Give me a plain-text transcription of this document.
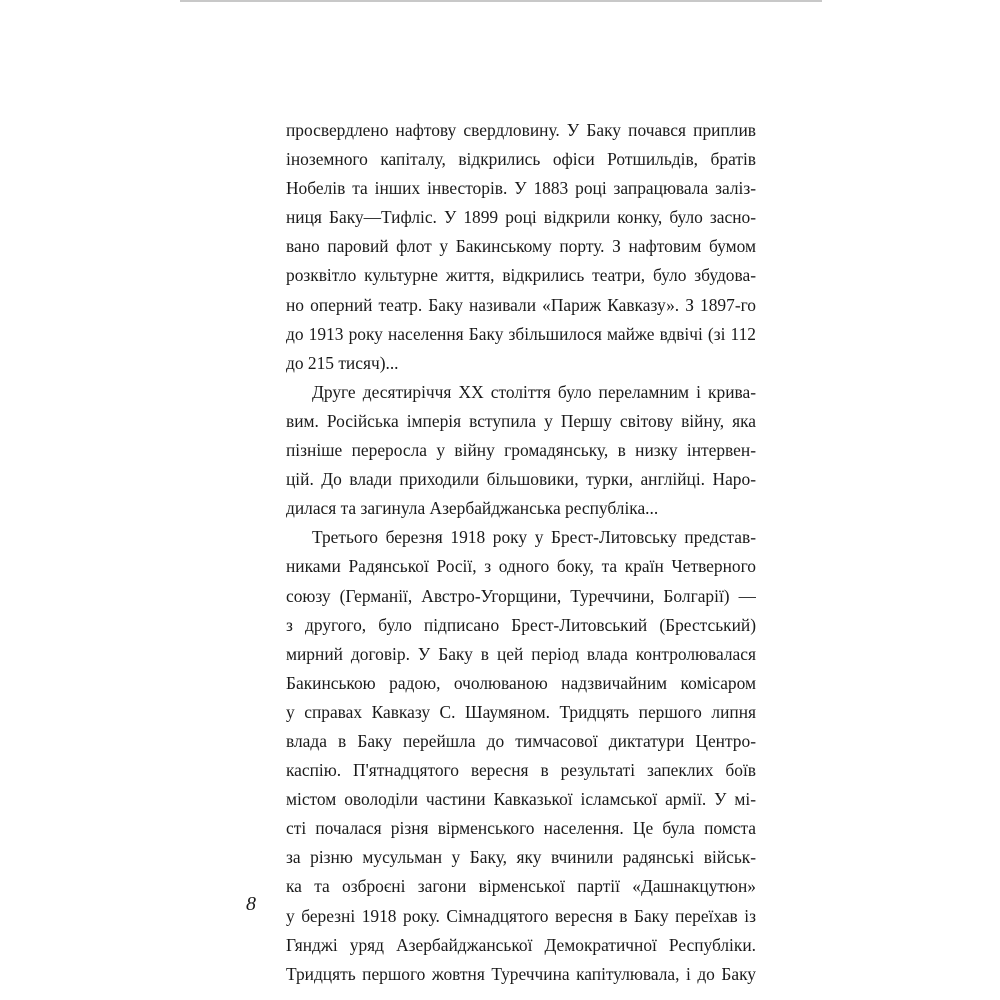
просвердлено нафтову свердловину. У Баку почався приплив
іноземного капіталу, відкрились офіси Ротшильдів, братів
Нобелів та інших інвесторів. У 1883 році запрацювала заліз-
ниця Баку—Тифліс. У 1899 році відкрили конку, було засно-
вано паровий флот у Бакинському порту. З нафтовим бумом
розквітло культурне життя, відкрились театри, було збудова-
но оперний театр. Баку називали «Париж Кавказу». З 1897-го
до 1913 року населення Баку збільшилося майже вдвічі (зі 112
до 215 тисяч)...
Друге десятиріччя XX століття було переламним і крива-
вим. Російська імперія вступила у Першу світову війну, яка
пізніше переросла у війну громадянську, в низку інтервен-
цій. До влади приходили більшовики, турки, англійці. Наро-
дилася та загинула Азербайджанська республіка...
Третього березня 1918 року у Брест-Литовську представ-
никами Радянської Росії, з одного боку, та країн Четверного
союзу (Германії, Австро-Угорщини, Туреччини, Болгарії) —
з другого, було підписано Брест-Литовський (Брестський)
мирний договір. У Баку в цей період влада контролювалася
Бакинською радою, очолюваною надзвичайним комісаром
у справах Кавказу С. Шаумяном. Тридцять першого липня
влада в Баку перейшла до тимчасової диктатури Центро-
каспію. П'ятнадцятого вересня в результаті запеклих боїв
містом оволоділи частини Кавказької ісламської армії. У мі-
сті почалася різня вірменського населення. Це була помста
за різню мусульман у Баку, яку вчинили радянські військ-
ка та озброєні загони вірменської партії «Дашнакцутюн»
у березні 1918 року. Сімнадцятого вересня в Баку переїхав із
Гянджі уряд Азербайджанської Демократичної Республіки.
Тридцять першого жовтня Туреччина капітулювала, і до Баку
8
